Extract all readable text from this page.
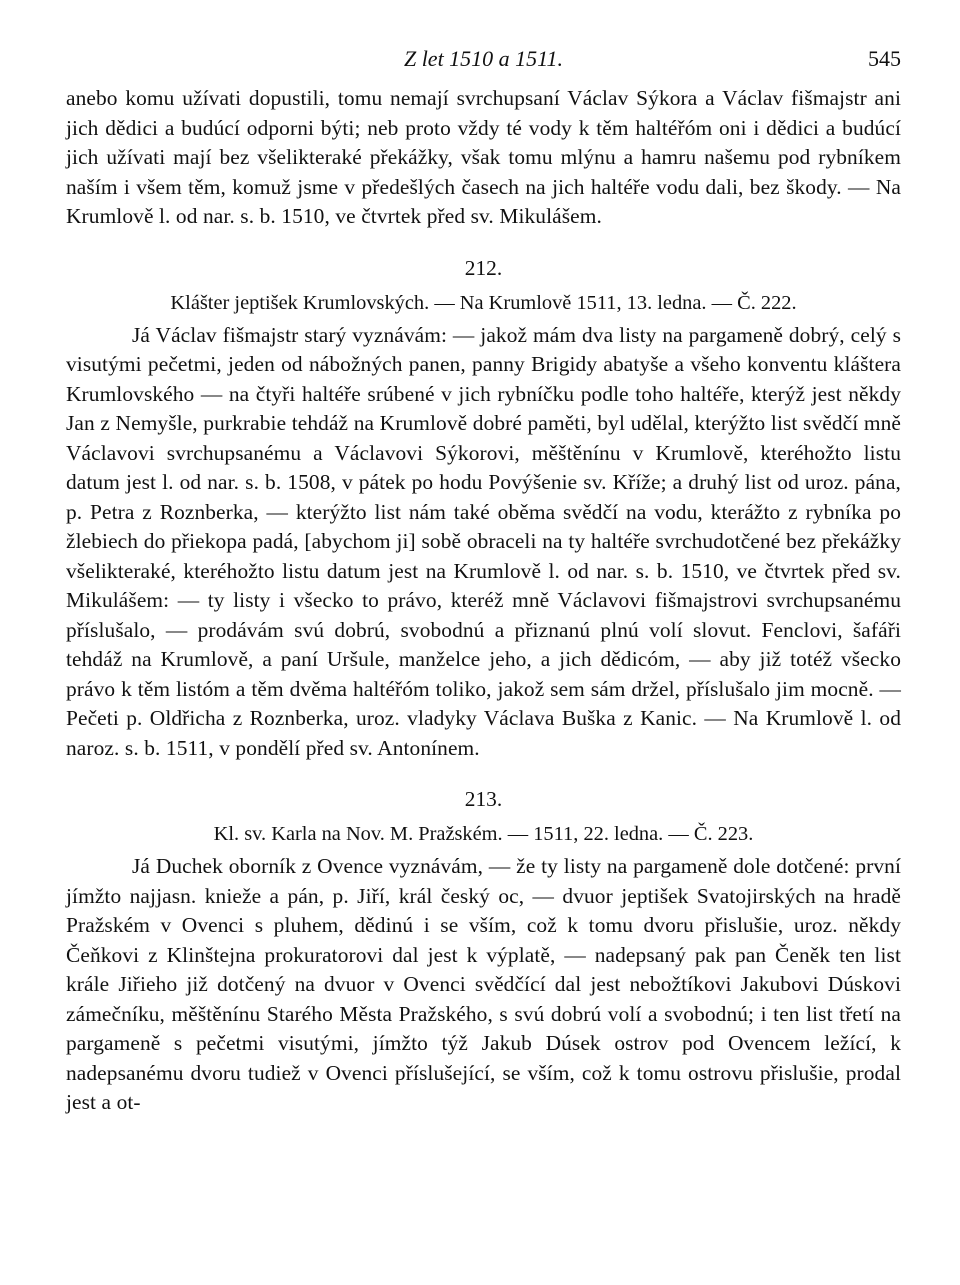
Z let 1510 a 1511.	545

anebo komu užívati dopustili, tomu nemají svrchupsaní Václav Sýkora a Václav fišmajstr ani jich dědici a budúcí odporni býti; neb proto vždy té vody k těm haltéřóm oni i dědici a budúcí jich užívati mají bez všelikteraké překážky, však tomu mlýnu a hamru našemu pod rybníkem naším i všem těm, komuž jsme v předešlých časech na jich haltéře vodu dali, bez škody. — Na Krumlově l. od nar. s. b. 1510, ve čtvrtek před sv. Mikulášem.

212.
Klášter jeptišek Krumlovských. — Na Krumlově 1511, 13. ledna. — Č. 222.

Já Václav fišmajstr starý vyznávám: — jakož mám dva listy na pargameně dobrý, celý s visutými pečetmi, jeden od nábožných panen, panny Brigidy abatyše a všeho konventu kláštera Krumlovského — na čtyři haltéře srúbené v jich rybníčku podle toho haltéře, kterýž jest někdy Jan z Nemyšle, purkrabie tehdáž na Krumlově dobré paměti, byl udělal, kterýžto list svědčí mně Václavovi svrchupsanému a Václavovi Sýkorovi, měštěnínu v Krumlově, kteréhožto listu datum jest l. od nar. s. b. 1508, v pátek po hodu Povýšenie sv. Kříže; a druhý list od uroz. pána, p. Petra z Roznberka, — kterýžto list nám také oběma svědčí na vodu, kterážto z rybníka po žlebiech do přiekopa padá, [abychom ji] sobě obraceli na ty haltéře svrchudotčené bez překážky všelikteraké, kteréhožto listu datum jest na Krumlově l. od nar. s. b. 1510, ve čtvrtek před sv. Mikulášem: — ty listy i všecko to právo, kteréž mně Václavovi fišmajstrovi svrchupsanému příslušalo, — prodávám svú dobrú, svobodnú a přiznanú plnú volí slovut. Fenclovi, šafáři tehdáž na Krumlově, a paní Uršule, manželce jeho, a jich dědicóm, — aby již totéž všecko právo k těm listóm a těm dvěma haltéřóm toliko, jakož sem sám držel, příslušalo jim mocně. — Pečeti p. Oldřicha z Roznberka, uroz. vladyky Václava Buška z Kanic. — Na Krumlově l. od naroz. s. b. 1511, v pondělí před sv. Antonínem.

213.
Kl. sv. Karla na Nov. M. Pražském. — 1511, 22. ledna. — Č. 223.

Já Duchek oborník z Ovence vyznávám, — že ty listy na pargameně dole dotčené: první jímžto najjasn. knieže a pán, p. Jiří, král český oc, — dvuor jeptišek Svatojirských na hradě Pražském v Ovenci s pluhem, dědinú i se vším, což k tomu dvoru přislušie, uroz. někdy Čeňkovi z Klinštejna prokuratorovi dal jest k výplatě, — nadepsaný pak pan Čeněk ten list krále Jiřieho již dotčený na dvuor v Ovenci svědčící dal jest nebožtíkovi Jakubovi Dúskovi zámečníku, měštěnínu Starého Města Pražského, s svú dobrú volí a svobodnú; i ten list třetí na pargameně s pečetmi visutými, jímžto týž Jakub Dúsek ostrov pod Ovencem ležící, k nadepsanému dvoru tudiež v Ovenci příslušející, se vším, což k tomu ostrovu přislušie, prodal jest a ot-
